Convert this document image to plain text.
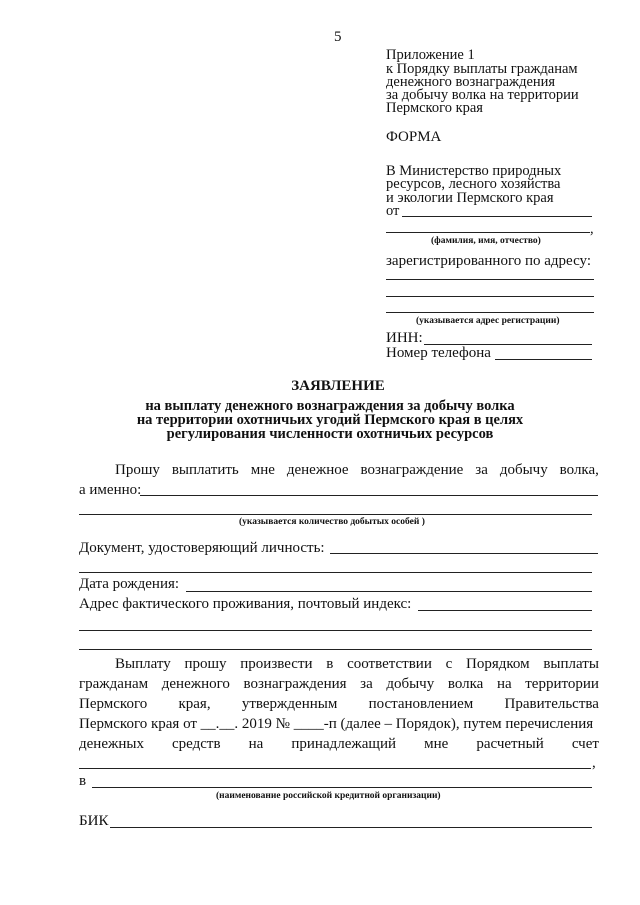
5
Приложение 1
к Порядку выплаты гражданам
денежного вознаграждения
за добычу волка на территории
Пермского края
ФОРМА
В Министерство природных
ресурсов, лесного хозяйства
и экологии Пермского края
от
,
(фамилия, имя, отчество)
зарегистрированного по адресу:
(указывается адрес регистрации)
ИНН:
Номер телефона
ЗАЯВЛЕНИЕ
на выплату денежного вознаграждения за добычу волка
на территории охотничьих угодий Пермского края в целях
регулирования численности охотничьих ресурсов
Прошу выплатить мне денежное вознаграждение за добычу волка,
а именно:
(указывается количество добытых особей )
Документ, удостоверяющий личность:
Дата рождения:
Адрес фактического проживания, почтовый индекс:
Выплату прошу произвести в соответствии с Порядком выплаты
гражданам денежного вознаграждения за добычу волка на территории
Пермского края, утвержденным постановлением Правительства
Пермского края от __.__. 2019 № ____-п (далее – Порядок), путем перечисления
денежных средств на принадлежащий мне расчетный счет
,
в
(наименование российской кредитной организации)
БИК
